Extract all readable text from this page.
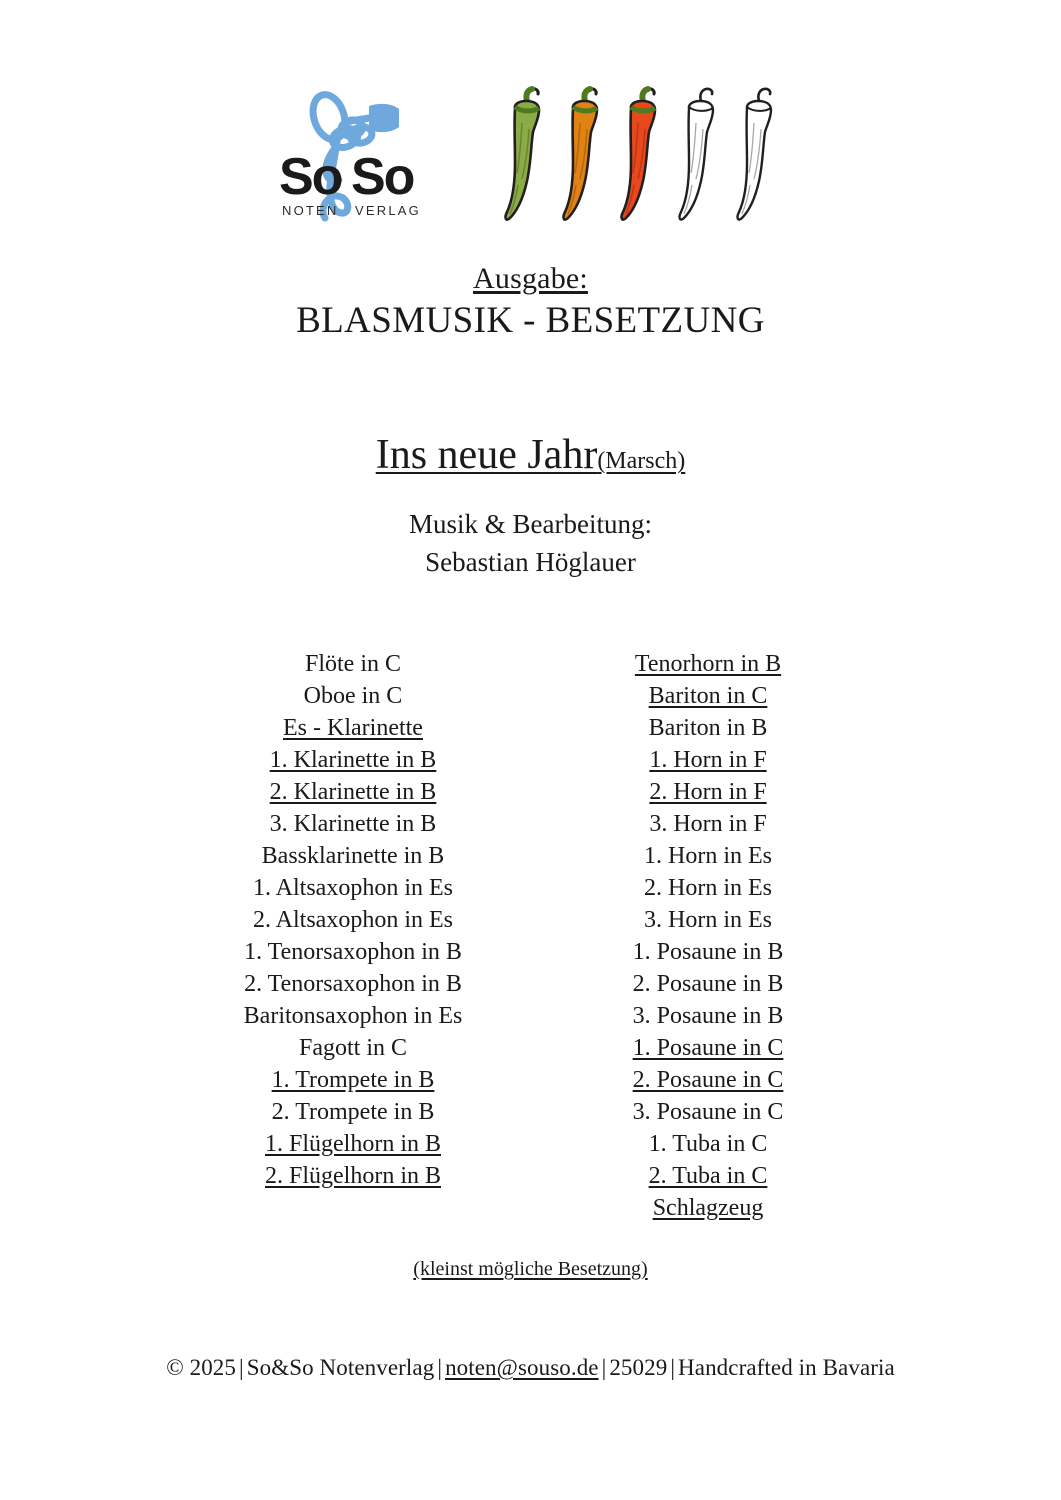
So So
NOTEN VERLAG
Ausgabe:
BLASMUSIK - BESETZUNG
Ins neue Jahr(Marsch)
Musik & Bearbeitung:
Sebastian Höglauer
Flöte in C
Oboe in C
Es - Klarinette
1. Klarinette in B
2. Klarinette in B
3. Klarinette in B
Bassklarinette in B
1. Altsaxophon in Es
2. Altsaxophon in Es
1. Tenorsaxophon in B
2. Tenorsaxophon in B
Baritonsaxophon in Es
Fagott in C
1. Trompete in B
2. Trompete in B
1. Flügelhorn in B
2. Flügelhorn in B
Tenorhorn in B
Bariton in C
Bariton in B
1. Horn in F
2. Horn in F
3. Horn in F
1. Horn in Es
2. Horn in Es
3. Horn in Es
1. Posaune in B
2. Posaune in B
3. Posaune in B
1. Posaune in C
2. Posaune in C
3. Posaune in C
1. Tuba in C
2. Tuba in C
Schlagzeug
(kleinst mögliche Besetzung)
© 2025 | So&So Notenverlag | noten@souso.de | 25029 | Handcrafted in Bavaria
